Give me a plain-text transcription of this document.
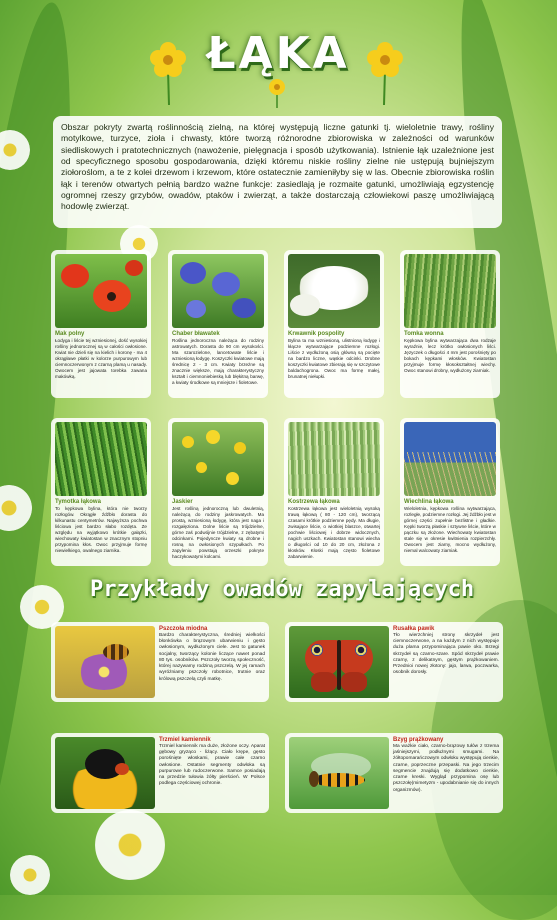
ŁĄKA
Obszar pokryty zwartą roślinnością zielną, na której występują liczne gatunki tj. wieloletnie trawy, rośliny motylkowe, turzyce, zioła i chwasty, które tworzą różnorodne zbiorowiska w zależności od warunków siedliskowych i pratotechnicznych (nawożenie, pielęgnacja i sposób użytkowania). Istnienie łąk uzależnione jest od specyficznego sposobu gospodarowania, dzięki któremu niskie rośliny zielne nie ustępują bujniejszym ziołoroślom, a te z kolei drzewom i krzewom, które ostatecznie zamieniłyby się w las. Obecnie zbiorowiska roślin łąk i terenów otwartych pełnią bardzo ważne funkcje: zasiedlają je rozmaite gatunki, umożliwiają egzystencję ogromnej rzeszy grzybów, owadów, ptaków i zwierząt, a także dostarczają człowiekowi paszę umożliwiającą hodowlę zwierząt.
Mak polny
Łodyga i liście tej wzniesionej, dość wysokiej rośliny jednorocznej są w całości owłosione. Kwiat nie dzieli się na kielich i koronę - ma 4 okrągławe płatki w kolorze purpurowym lub ciemnoczerwonym z czarną plamą u nasady. Owocem jest jajowata torebka zawana makówką.
Chaber bławatek
Roślina jednoroczna należąca do rodziny astrowatych. Dorasta do 90 cm wysokości. Ma szarozielone, lancetowate liście i wzniesioną łodygę. Koszyczki kwiatowe mają średnicę 2 - 3 cm. Kwiaty brzeżne są znacznie większe, mają charakterystyczny kształt i ciemnoniebieską lub błękitną barwę, a kwiaty środkowe są mniejsze i fioletowe.
Krwawnik pospolity
Bylina ta ma wzniesioną, ulistnioną łodygę i kłącze wytwarzające podziemne rozłogi. Liście z wydłużoną osią główną są pocięte na bardzo liczne, wąskie odcinki. Drobne koszyczki kwiatowe zbierają się w szczytowe baldachogrona. Owoc ma formę małej, brunatnej niełupki.
Tomka wonna
Kępkowa bylina wytwarzająca dwa rodzaje wyraźnie, lecz krótko owłosionych liści. Języczek o długości 4 mm jest porośnięty po bokach kępkami włosków. Kwiatostan przyjmuje formę kłosokształtnej wiechy. Owoc stanowi drobny, wydłużony ziarniak.
Tymotka łąkowa
To kępkowa bylina, która nie tworzy rozłogów. Okrągłe źdźbło dorasta do kilkunastu centymetrów. Najwyższa pochwa liściowa jest bardzo słabo rozdęta. Ze względu na wyjątkowo krótkie gałązki, wiechowaty kwiatostan w znacznym stopniu przypomina kłos. Owoc przyjmuje formę niewielkiego, owalnego ziarnika.
Jaskier
Jest rośliną jednoroczną lub dwuletnią, należącą do rodziny jaskrowatych. Ma prostą, wzniesioną łodygę, która jest naga i rozgałęziona. Dolne liście są trójdzielne, górne zaś podwójnie trójdzielne, z zębatymi odcinkami. Pojedyncze kwiaty są drobne i rosną na owłosionych szypułkach. Po zapyleniu powstają orzeszki pokryte haczykowatymi kolcami.
Kostrzewa łąkowa
Kostrzewa łąkowa jest wieloletnią wysoką trawą łąkową ( 80 - 120 cm), tworzącą czasami krótkie podziemne pędy. Ma długie, zwisające liście, o wiotkiej blaszce, otwartej pochwie liściowej i dobrze widocznych, nagich uszkach. Kwiatostan stanowi wiecha o długości od 10 do 20 cm, złożona z kłosków. Kłoski mają często fioletowe zabarwienie.
Wiechlina łąkowa
Wieloletnia, kępkowa roślina wytwarzająca, rozległe, podziemne rozłogi. Jej źdźbło jest w górnej części zupełnie bezlistne i gładkie. Kępki tworzą płaskie i sztywne liście, które w pączku są złożone. Wiechowaty kwiatostan stale się w okresie kwitnienia rozpierzchły. Owocem jest ziarny, mocno wydłużony, niemal walcowaty ziarniak.
Przykłady owadów zapylających
Pszczoła miodna
Bardzo charakterystyczna, średniej wielkości błonkówka o brązowym ubarwieniu i gęsto owłosionym, wydłużonym ciele. Jest to gatunek socjalny, tworzący kolonie liczące nawet ponad 80 tys. osobników. Pszczoły tworzą społeczność, której nazywamy rodziną pszczelą. W jej ramach wyróżniamy pszczoły robotnice, trutnie oraz królową pszczelą czyli matkę.
Rusałka pawik
Tło wierzchniej strony skrzydeł jest ciemnoczerwone, a na każdym z nich występuje duża plama przypominająca pawie oko. Brzegi skrzydeł są czarno-szare. Spód skrzydeł prawie czarny, z delikatnym, gęstym prążkowaniem. Przednioi nowej złotony: jajo, larwa, poczwarka, osobnik dorosły.
Trzmiel kamiennik
Trzmiel kamiennik ma duże, złożone oczy. Aparat gębowy gryząco - liżący. Ciało krępe, gęsto porośnięte włoskami, prawie całe czarno owłosione. Ostatnie segmenty odwłoka są purpurowe lub rudoczerwone. Samce posiadają na przedzie tułowia żółty pierścień. W Polsce podlega częściowej ochronie.
Bzyg prążkowany
Ma ważkie ciało, czarno-brązowy tułów z trzema jaśniejszymi, podłużnymi smugami. Na żółtopomarańczowym odwłoku występują cienkie, czarne, poprzeczne przepaski. Na jego trzecim segmencie znajdują się dodatkowo cienkie, czarne kreski. Wygląd przypomina osę lub pszczołę(mimetyzm - upodabnianie się do innych organizmów).
